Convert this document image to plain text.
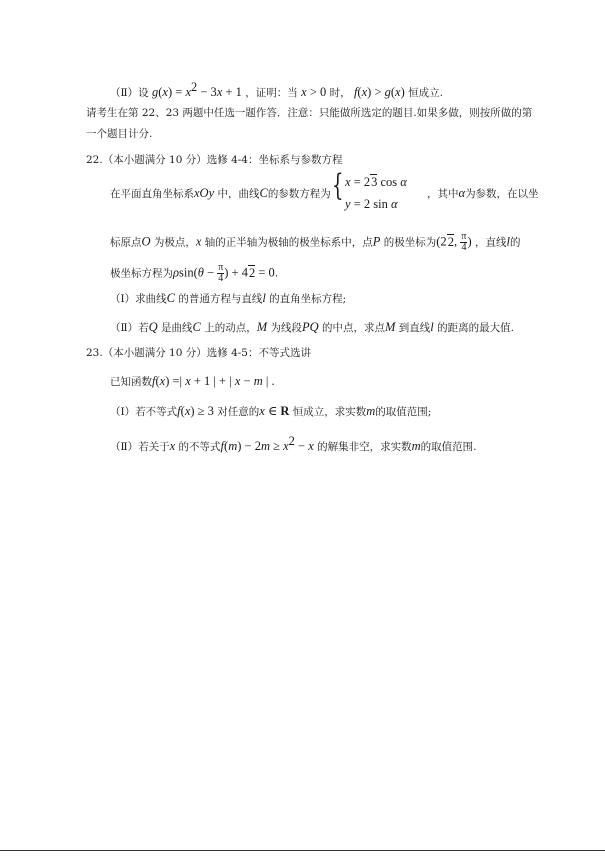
（Ⅱ）设 $g(x) = x^2 - 3x + 1$ ，证明：当 x > 0 时， f(x) > g(x) 恒成立.
请考生在第 22、23 两题中任选一题作答．注意：只能做所选定的题目.如果多做，则按所做的第
一个题目计分.
22.（本小题满分 10 分）选修 4-4：坐标系与参数方程
在平面直角坐标系xOy 中，曲线C的参数方程为 { x = 23 cos α
y = 2 sin α
，其中α为参数，在以坐
标原点O 为极点，x 轴的正半轴为极轴的极坐标系中，点P 的极坐标为(22, $\frac{\pi}{4}$ ) ，直线l的
极坐标方程为$\rho\sin(\theta - \frac{\pi}{4}$ ) + 42 = 0.
（Ⅰ）求曲线C 的普通方程与直线l 的直角坐标方程;
（Ⅱ）若Q 是曲线C 上的动点，M 为线段PQ 的中点，求点M 到直线l 的距离的最大值.
23.（本小题满分 10 分）选修 4-5：不等式选讲
已知函数f(x) =| x + 1 | + | x − m | .
（Ⅰ）若不等式f(x) ≥ 3 对任意的x ∈ R 恒成立，求实数m的取值范围;
（Ⅱ）若关于x 的不等式$f(m) - 2m \ge x^2 - x$ 的解集非空，求实数m的取值范围.
